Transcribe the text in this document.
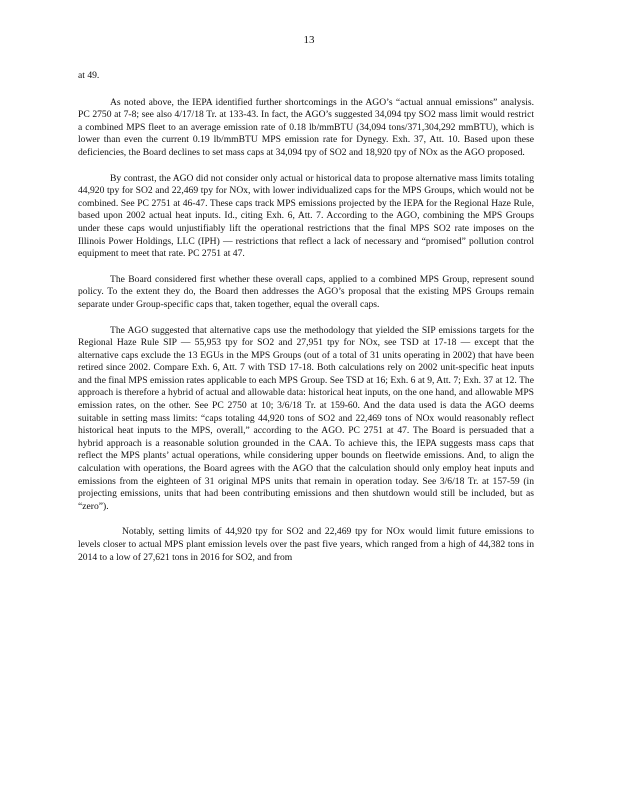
13

at 49.

As noted above, the IEPA identified further shortcomings in the AGO’s “actual annual emissions” analysis. PC 2750 at 7-8; see also 4/17/18 Tr. at 133-43. In fact, the AGO’s suggested 34,094 tpy SO2 mass limit would restrict a combined MPS fleet to an average emission rate of 0.18 lb/mmBTU (34,094 tons/371,304,292 mmBTU), which is lower than even the current 0.19 lb/mmBTU MPS emission rate for Dynegy. Exh. 37, Att. 10. Based upon these deficiencies, the Board declines to set mass caps at 34,094 tpy of SO2 and 18,920 tpy of NOx as the AGO proposed.

By contrast, the AGO did not consider only actual or historical data to propose alternative mass limits totaling 44,920 tpy for SO2 and 22,469 tpy for NOx, with lower individualized caps for the MPS Groups, which would not be combined. See PC 2751 at 46-47. These caps track MPS emissions projected by the IEPA for the Regional Haze Rule, based upon 2002 actual heat inputs. Id., citing Exh. 6, Att. 7. According to the AGO, combining the MPS Groups under these caps would unjustifiably lift the operational restrictions that the final MPS SO2 rate imposes on the Illinois Power Holdings, LLC (IPH) — restrictions that reflect a lack of necessary and “promised” pollution control equipment to meet that rate. PC 2751 at 47.

The Board considered first whether these overall caps, applied to a combined MPS Group, represent sound policy. To the extent they do, the Board then addresses the AGO’s proposal that the existing MPS Groups remain separate under Group-specific caps that, taken together, equal the overall caps.

The AGO suggested that alternative caps use the methodology that yielded the SIP emissions targets for the Regional Haze Rule SIP — 55,953 tpy for SO2 and 27,951 tpy for NOx, see TSD at 17-18 — except that the alternative caps exclude the 13 EGUs in the MPS Groups (out of a total of 31 units operating in 2002) that have been retired since 2002. Compare Exh. 6, Att. 7 with TSD 17-18. Both calculations rely on 2002 unit-specific heat inputs and the final MPS emission rates applicable to each MPS Group. See TSD at 16; Exh. 6 at 9, Att. 7; Exh. 37 at 12. The approach is therefore a hybrid of actual and allowable data: historical heat inputs, on the one hand, and allowable MPS emission rates, on the other. See PC 2750 at 10; 3/6/18 Tr. at 159-60. And the data used is data the AGO deems suitable in setting mass limits: “caps totaling 44,920 tons of SO2 and 22,469 tons of NOx would reasonably reflect historical heat inputs to the MPS, overall,” according to the AGO. PC 2751 at 47. The Board is persuaded that a hybrid approach is a reasonable solution grounded in the CAA. To achieve this, the IEPA suggests mass caps that reflect the MPS plants’ actual operations, while considering upper bounds on fleetwide emissions. And, to align the calculation with operations, the Board agrees with the AGO that the calculation should only employ heat inputs and emissions from the eighteen of 31 original MPS units that remain in operation today. See 3/6/18 Tr. at 157-59 (in projecting emissions, units that had been contributing emissions and then shutdown would still be included, but as “zero”).

Notably, setting limits of 44,920 tpy for SO2 and 22,469 tpy for NOx would limit future emissions to levels closer to actual MPS plant emission levels over the past five years, which ranged from a high of 44,382 tons in 2014 to a low of 27,621 tons in 2016 for SO2, and from
